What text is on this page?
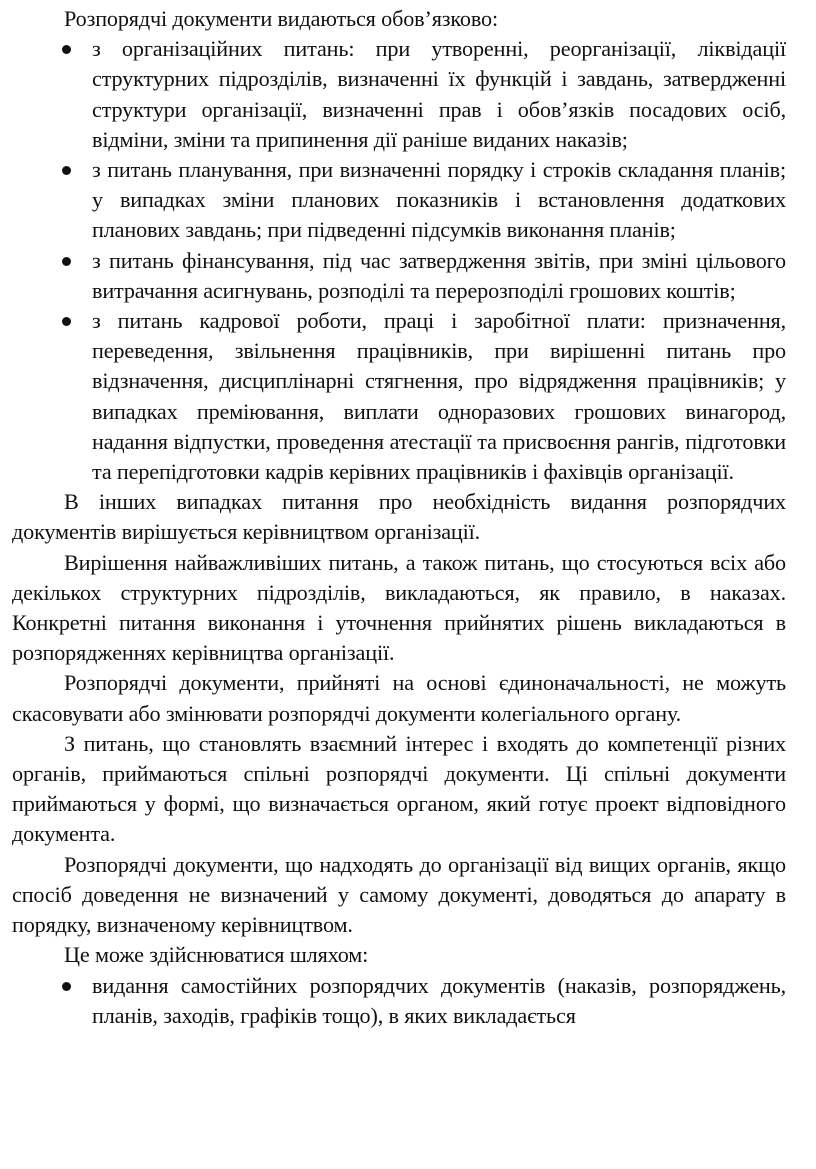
Розпорядчі документи видаються обов’язково:

з організаційних питань: при утворенні, реорганізації, ліквідації структурних підрозділів, визначенні їх функцій і завдань, затвердженні структури організації, визначенні прав і обов’язків посадових осіб, відміни, зміни та припинення дії раніше виданих наказів;
з питань планування, при визначенні порядку і строків складання планів; у випадках зміни планових показників і встановлення додаткових планових завдань; при підведенні підсумків виконання планів;
з питань фінансування, під час затвердження звітів, при зміні цільового витрачання асигнувань, розподілі та перерозподілі грошових коштів;
з питань кадрової роботи, праці і заробітної плати: призначення, переведення, звільнення працівників, при вирішенні питань про відзначення, дисциплінарні стягнення, про відрядження працівників; у випадках преміювання, виплати одноразових грошових винагород, надання відпустки, проведення атестації та присвоєння рангів, підготовки та перепідготовки кадрів керівних працівників і фахівців організації.

В інших випадках питання про необхідність видання розпорядчих документів вирішується керівництвом організації.

Вирішення найважливіших питань, а також питань, що стосуються всіх або декількох структурних підрозділів, викладаються, як правило, в наказах. Конкретні питання виконання і уточнення прийнятих рішень викладаються в розпорядженнях керівництва організації.

Розпорядчі документи, прийняті на основі єдиноначальності, не можуть скасовувати або змінювати розпорядчі документи колегіального органу.

З питань, що становлять взаємний інтерес і входять до компетенції різних органів, приймаються спільні розпорядчі документи. Ці спільні документи приймаються у формі, що визначається органом, який готує проект відповідного документа.

Розпорядчі документи, що надходять до організації від вищих органів, якщо спосіб доведення не визначений у самому документі, доводяться до апарату в порядку, визначеному керівництвом.

Це може здійснюватися шляхом:

видання самостійних розпорядчих документів (наказів, розпоряджень, планів, заходів, графіків тощо), в яких викладається
